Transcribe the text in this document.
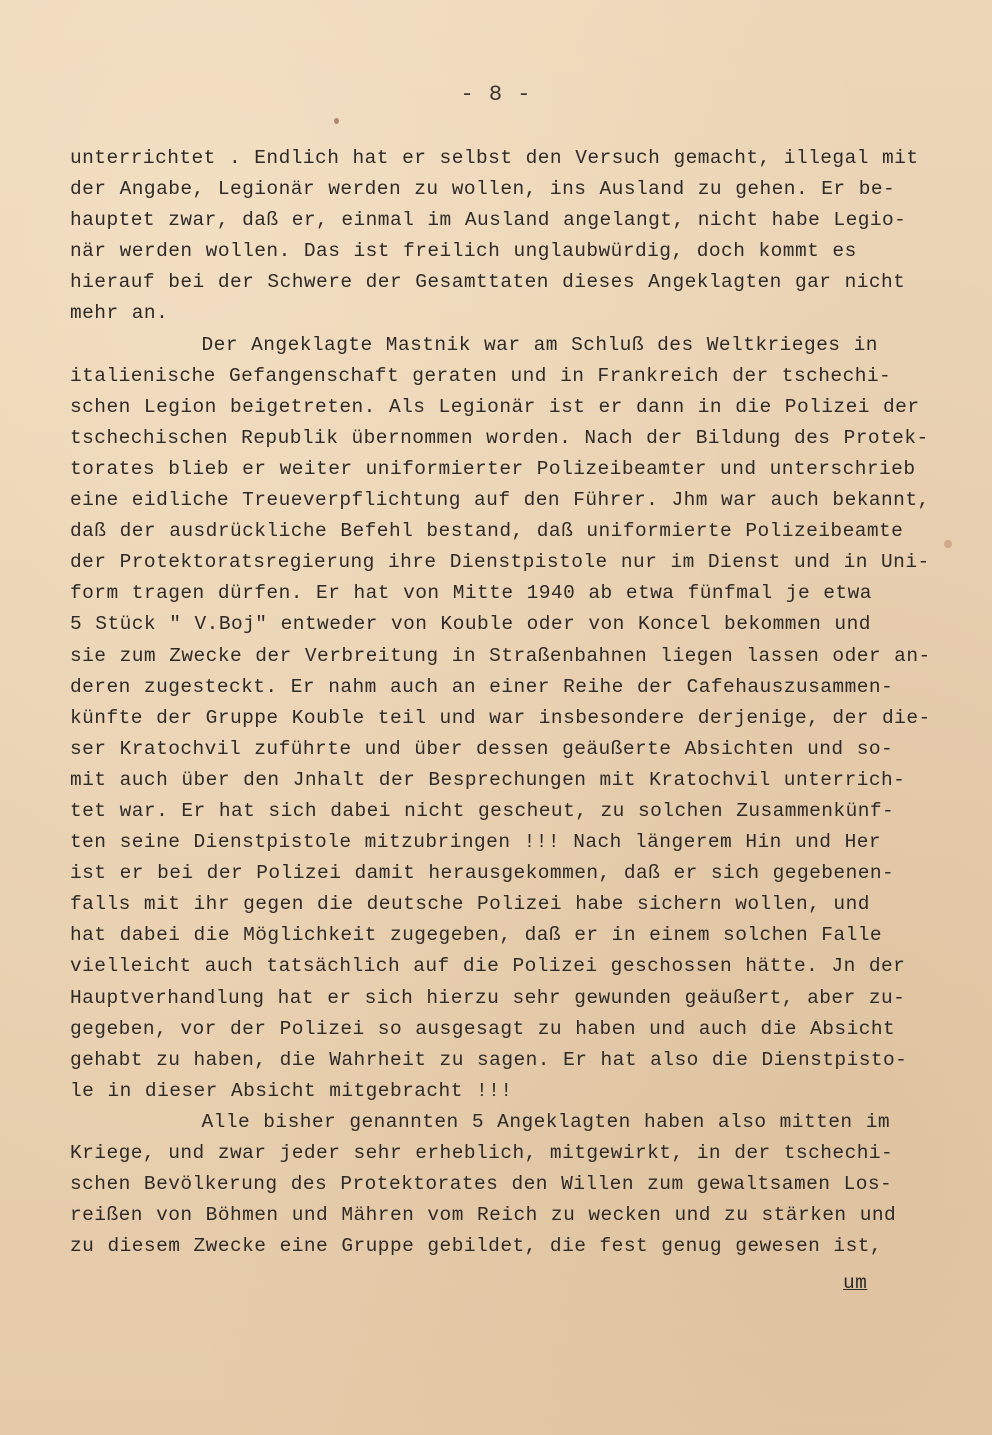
- 8 -
unterrichtet . Endlich hat er selbst den Versuch gemacht, illegal mit
der Angabe, Legionär werden zu wollen, ins Ausland zu gehen. Er be-
hauptet zwar, daß er, einmal im Ausland angelangt, nicht habe Legio-
när werden wollen. Das ist freilich unglaubwürdig, doch kommt es
hierauf bei der Schwere der Gesamttaten dieses Angeklagten gar nicht
mehr an.
Der Angeklagte Mastnik war am Schluß des Weltkrieges in
italienische Gefangenschaft geraten und in Frankreich der tschechi-
schen Legion beigetreten. Als Legionär ist er dann in die Polizei der
tschechischen Republik übernommen worden. Nach der Bildung des Protek-
torates blieb er weiter uniformierter Polizeibeamter und unterschrieb
eine eidliche Treueverpflichtung auf den Führer. Jhm war auch bekannt,
daß der ausdrückliche Befehl bestand, daß uniformierte Polizeibeamte
der Protektoratsregierung ihre Dienstpistole nur im Dienst und in Uni-
form tragen dürfen. Er hat von Mitte 1940 ab etwa fünfmal je etwa
5 Stück " V.Boj" entweder von Kouble oder von Koncel bekommen und
sie zum Zwecke der Verbreitung in Straßenbahnen liegen lassen oder an-
deren zugesteckt. Er nahm auch an einer Reihe der Cafehauszusammen-
künfte der Gruppe Kouble teil und war insbesondere derjenige, der die-
ser Kratochvil zuführte und über dessen geäußerte Absichten und so-
mit auch über den Jnhalt der Besprechungen mit Kratochvil unterrich-
tet war. Er hat sich dabei nicht gescheut, zu solchen Zusammenkünf-
ten seine Dienstpistole mitzubringen !!! Nach längerem Hin und Her
ist er bei der Polizei damit herausgekommen, daß er sich gegebenen-
falls mit ihr gegen die deutsche Polizei habe sichern wollen, und
hat dabei die Möglichkeit zugegeben, daß er in einem solchen Falle
vielleicht auch tatsächlich auf die Polizei geschossen hätte. Jn der
Hauptverhandlung hat er sich hierzu sehr gewunden geäußert, aber zu-
gegeben, vor der Polizei so ausgesagt zu haben und auch die Absicht
gehabt zu haben, die Wahrheit zu sagen. Er hat also die Dienstpisto-
le in dieser Absicht mitgebracht !!!
Alle bisher genannten 5 Angeklagten haben also mitten im
Kriege, und zwar jeder sehr erheblich, mitgewirkt, in der tschechi-
schen Bevölkerung des Protektorates den Willen zum gewaltsamen Los-
reißen von Böhmen und Mähren vom Reich zu wecken und zu stärken und
zu diesem Zwecke eine Gruppe gebildet, die fest genug gewesen ist,
um
